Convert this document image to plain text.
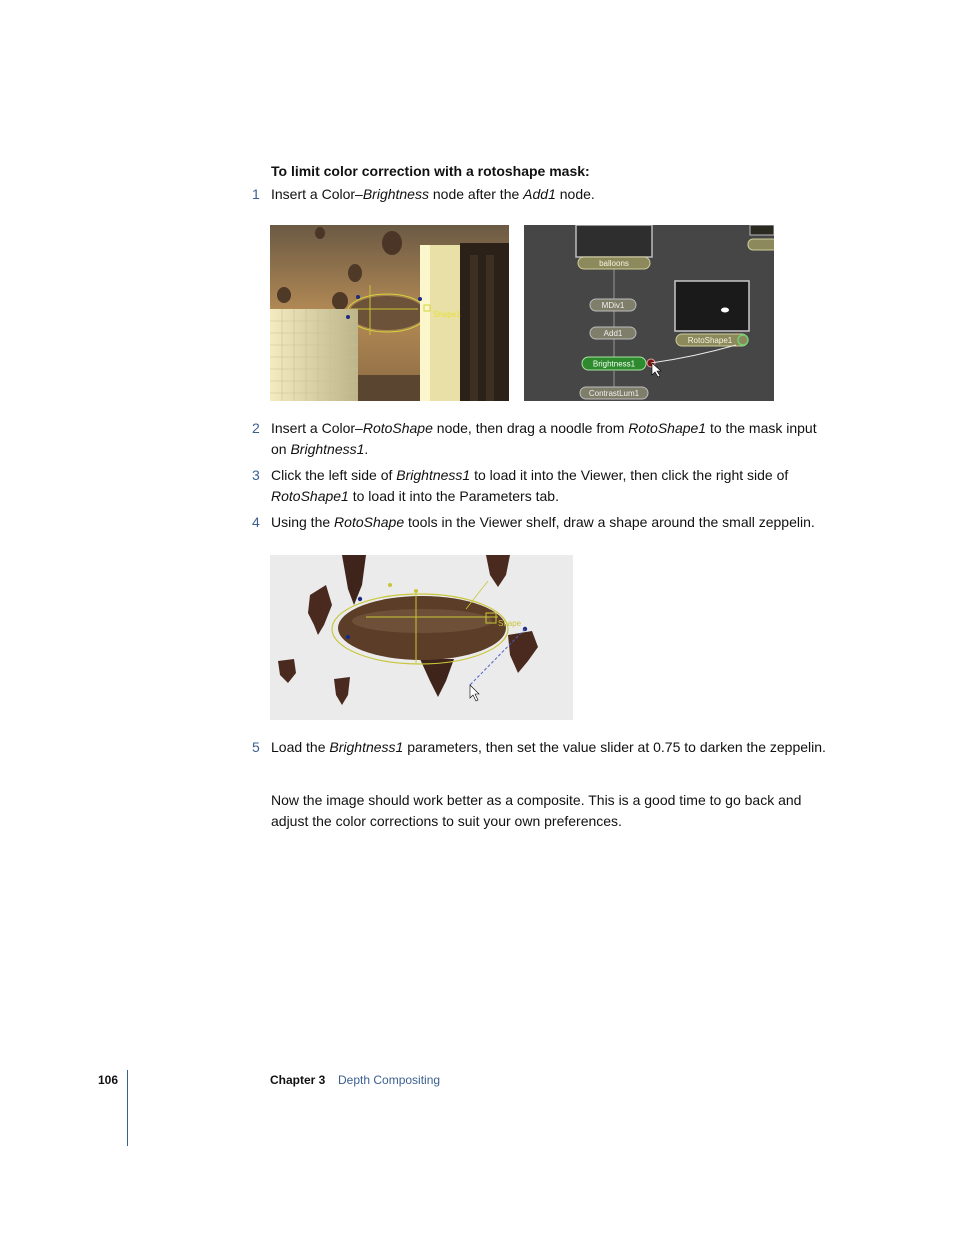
To limit color correction with a rotoshape mask:
1 Insert a Color–Brightness node after the Add1 node.
Shape1
balloons
MDiv1
Add1
Brightness1
ContrastLum1
RotoShape1
2 Insert a Color–RotoShape node, then drag a noodle from RotoShape1 to the mask input on Brightness1.
3 Click the left side of Brightness1 to load it into the Viewer, then click the right side of RotoShape1 to load it into the Parameters tab.
4 Using the RotoShape tools in the Viewer shelf, draw a shape around the small zeppelin.
Shape
5 Load the Brightness1 parameters, then set the value slider at 0.75 to darken the zeppelin.
Now the image should work better as a composite. This is a good time to go back and adjust the color corrections to suit your own preferences.
106	Chapter 3 Depth Compositing
